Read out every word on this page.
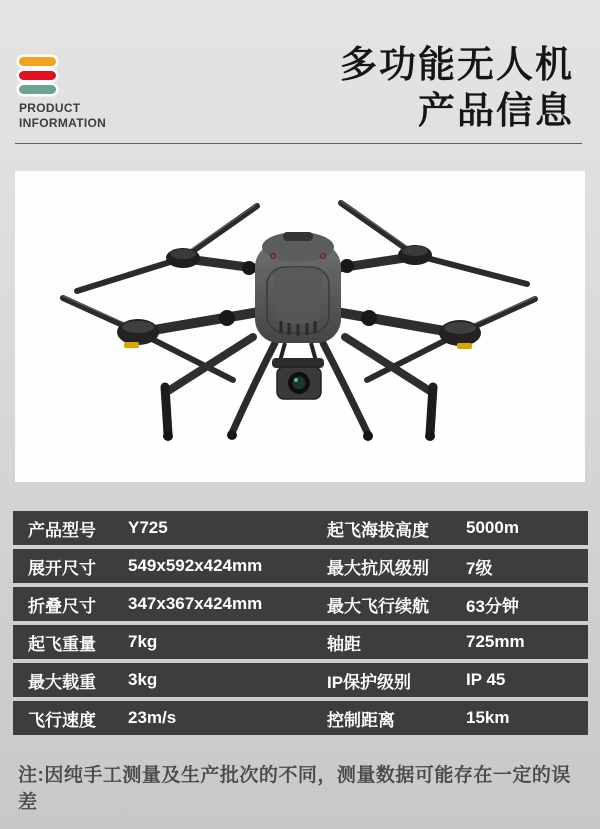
PRODUCT
INFORMATION
多功能无人机
产品信息
产品型号	Y725	起飞海拔高度	5000m
展开尺寸	549x592x424mm	最大抗风级别	7级
折叠尺寸	347x367x424mm	最大飞行续航	63分钟
起飞重量	7kg	轴距	725mm
最大载重	3kg	IP保护级别	IP 45
飞行速度	23m/s	控制距离	15km
注:因纯手工测量及生产批次的不同，测量数据可能存在一定的误差
